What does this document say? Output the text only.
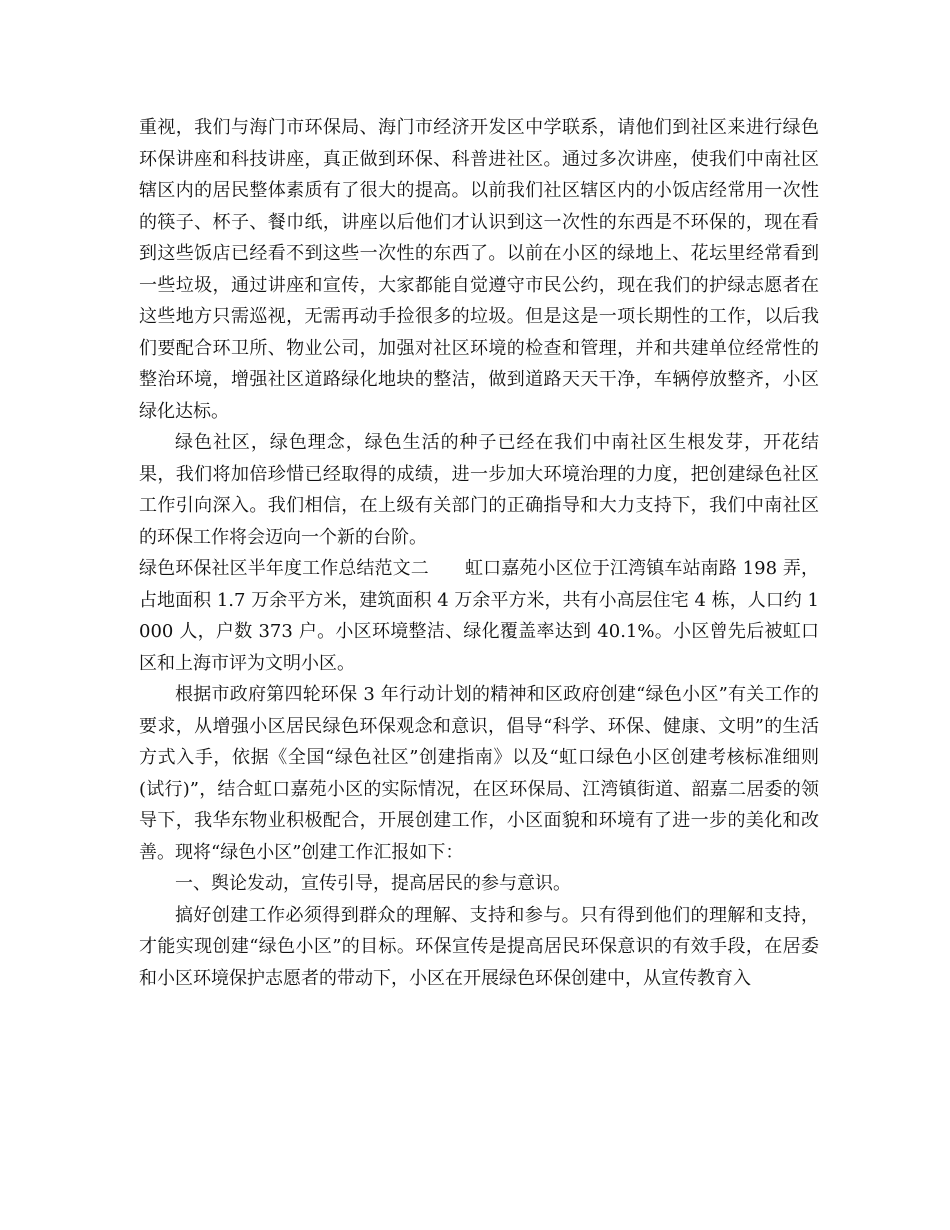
重视，我们与海门市环保局、海门市经济开发区中学联系，请他们到社区来进行绿色环保讲座和科技讲座，真正做到环保、科普进社区。通过多次讲座，使我们中南社区辖区内的居民整体素质有了很大的提高。以前我们社区辖区内的小饭店经常用一次性的筷子、杯子、餐巾纸，讲座以后他们才认识到这一次性的东西是不环保的，现在看到这些饭店已经看不到这些一次性的东西了。以前在小区的绿地上、花坛里经常看到一些垃圾，通过讲座和宣传，大家都能自觉遵守市民公约，现在我们的护绿志愿者在这些地方只需巡视，无需再动手捡很多的垃圾。但是这是一项长期性的工作，以后我们要配合环卫所、物业公司，加强对社区环境的检查和管理，并和共建单位经常性的整治环境，增强社区道路绿化地块的整洁，做到道路天天干净，车辆停放整齐，小区绿化达标。

绿色社区，绿色理念，绿色生活的种子已经在我们中南社区生根发芽，开花结果，我们将加倍珍惜已经取得的成绩，进一步加大环境治理的力度，把创建绿色社区工作引向深入。我们相信，在上级有关部门的正确指导和大力支持下，我们中南社区的环保工作将会迈向一个新的台阶。

绿色环保社区半年度工作总结范文二 虹口嘉苑小区位于江湾镇车站南路 198 弄，占地面积 1.7 万余平方米，建筑面积 4 万余平方米，共有小高层住宅 4 栋，人口约 1000 人，户数 373 户。小区环境整洁、绿化覆盖率达到 40.1%。小区曾先后被虹口区和上海市评为文明小区。

根据市政府第四轮环保 3 年行动计划的精神和区政府创建“绿色小区”有关工作的要求，从增强小区居民绿色环保观念和意识，倡导“科学、环保、健康、文明”的生活方式入手，依据《全国“绿色社区”创建指南》以及“虹口绿色小区创建考核标准细则(试行)”，结合虹口嘉苑小区的实际情况，在区环保局、江湾镇街道、韶嘉二居委的领导下，我华东物业积极配合，开展创建工作，小区面貌和环境有了进一步的美化和改善。现将“绿色小区”创建工作汇报如下：

一、舆论发动，宣传引导，提高居民的参与意识。

搞好创建工作必须得到群众的理解、支持和参与。只有得到他们的理解和支持，才能实现创建“绿色小区”的目标。环保宣传是提高居民环保意识的有效手段，在居委和小区环境保护志愿者的带动下，小区在开展绿色环保创建中，从宣传教育入
